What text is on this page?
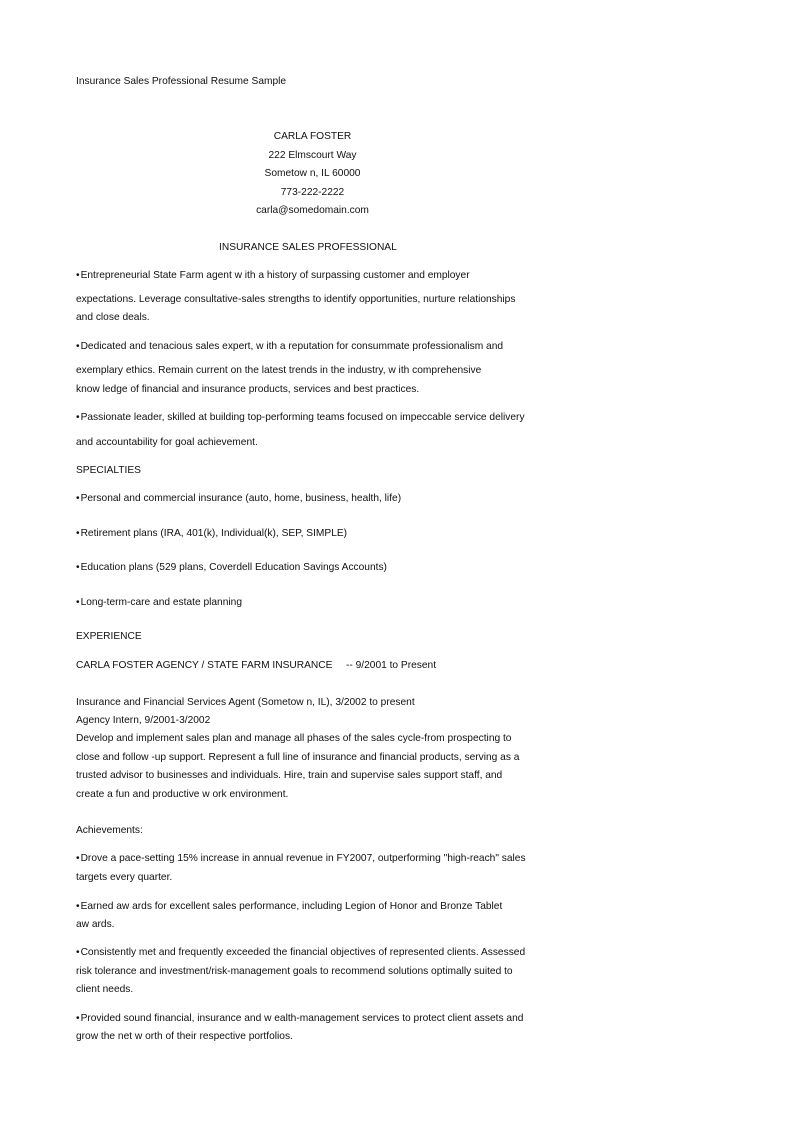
Insurance Sales Professional Resume Sample
CARLA FOSTER
222 Elmscourt Way
Sometow n, IL 60000
773-222-2222
carla@somedomain.com
INSURANCE SALES PROFESSIONAL
• Entrepreneurial State Farm agent w ith a history of surpassing customer and employer
expectations. Leverage consultative-sales strengths to identify opportunities, nurture relationships
and close deals.
• Dedicated and tenacious sales expert, w ith a reputation for consummate professionalism and
exemplary ethics. Remain current on the latest trends in the industry, w ith comprehensive
know ledge of financial and insurance products, services and best practices.
• Passionate leader, skilled at building top-performing teams focused on impeccable service delivery
and accountability for goal achievement.
SPECIALTIES
• Personal and commercial insurance (auto, home, business, health, life)
• Retirement plans (IRA, 401(k), Individual(k), SEP, SIMPLE)
• Education plans (529 plans, Coverdell Education Savings Accounts)
• Long-term-care and estate planning
EXPERIENCE
CARLA FOSTER AGENCY / STATE FARM INSURANCE -- 9/2001 to Present
Insurance and Financial Services Agent (Sometow n, IL), 3/2002 to present
Agency Intern, 9/2001-3/2002
Develop and implement sales plan and manage all phases of the sales cycle-from prospecting to
close and follow -up support. Represent a full line of insurance and financial products, serving as a
trusted advisor to businesses and individuals. Hire, train and supervise sales support staff, and
create a fun and productive w ork environment.
Achievements:
• Drove a pace-setting 15% increase in annual revenue in FY2007, outperforming "high-reach" sales
targets every quarter.
• Earned aw ards for excellent sales performance, including Legion of Honor and Bronze Tablet
aw ards.
• Consistently met and frequently exceeded the financial objectives of represented clients. Assessed
risk tolerance and investment/risk-management goals to recommend solutions optimally suited to
client needs.
• Provided sound financial, insurance and w ealth-management services to protect client assets and
grow the net w orth of their respective portfolios.
